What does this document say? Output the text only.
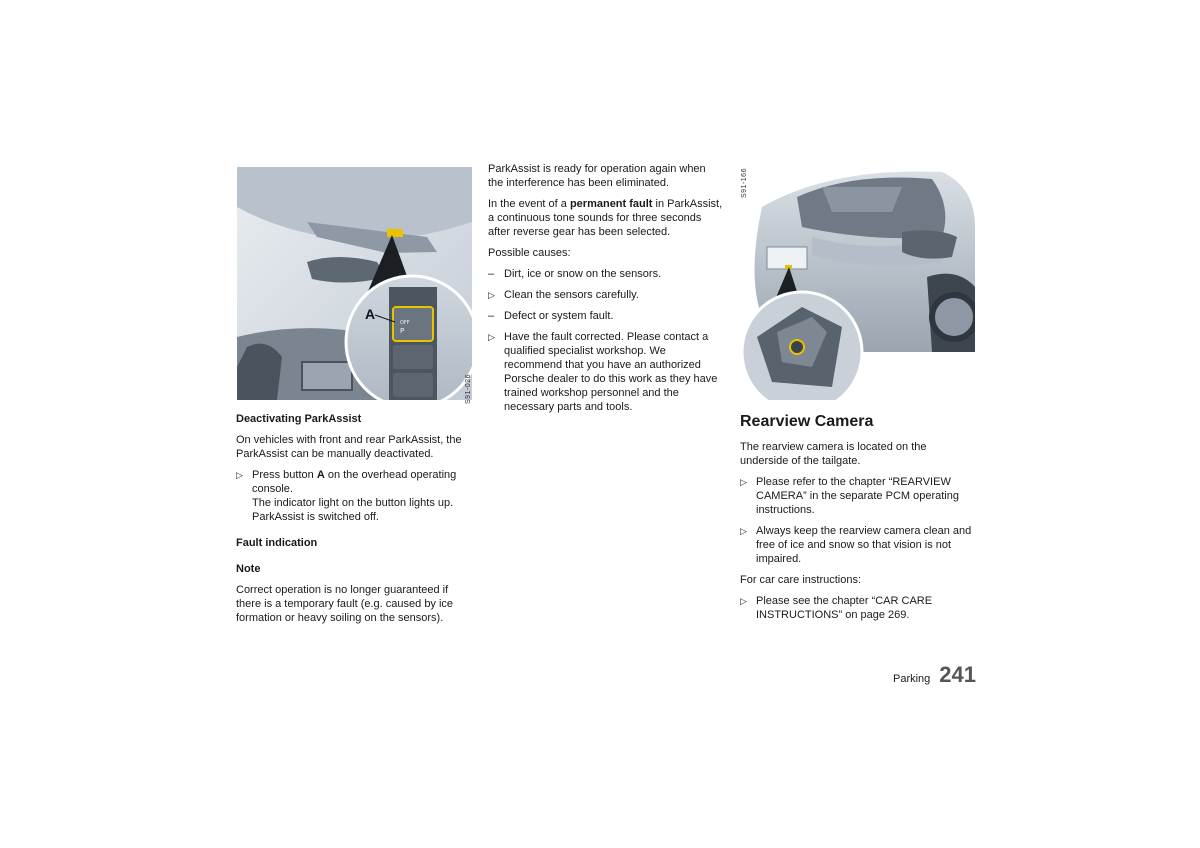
OFF
P
A
S91-026
S91-166
Deactivating ParkAssist

On vehicles with front and rear ParkAssist, the ParkAssist can be manually deactivated.

▷ Press button A on the overhead operating console.
The indicator light on the button lights up.
ParkAssist is switched off.
Fault indication
Note

Correct operation is no longer guaranteed if there is a temporary fault (e.g. caused by ice formation or heavy soiling on the sensors).

ParkAssist is ready for operation again when the interference has been eliminated.

In the event of a permanent fault in ParkAssist, a continuous tone sounds for three seconds after reverse gear has been selected.

Possible causes:

– Dirt, ice or snow on the sensors.
▷ Clean the sensors carefully.
– Defect or system fault.
▷ Have the fault corrected. Please contact a qualified specialist workshop. We recommend that you have an authorized Porsche dealer to do this work as they have trained workshop personnel and the necessary parts and tools.
Rearview Camera

The rearview camera is located on the underside of the tailgate.

▷ Please refer to the chapter “REARVIEW CAMERA” in the separate PCM operating instructions.
▷ Always keep the rearview camera clean and free of ice and snow so that vision is not impaired.

For car care instructions:

▷ Please see the chapter “CAR CARE INSTRUCTIONS” on page 269.
Parking 241
